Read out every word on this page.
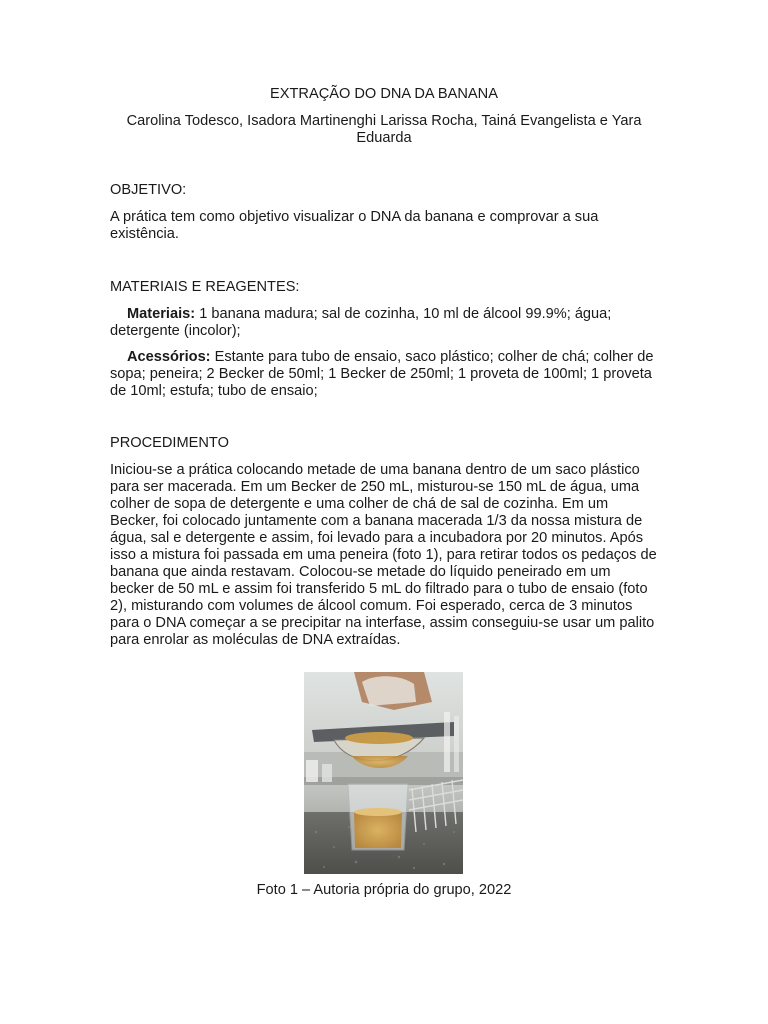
EXTRAÇÃO DO DNA DA BANANA
Carolina Todesco, Isadora Martinenghi Larissa Rocha, Tainá Evangelista e Yara Eduarda
OBJETIVO:
A prática tem como objetivo visualizar o DNA da banana e comprovar a sua existência.
MATERIAIS E REAGENTES:
Materiais: 1 banana madura; sal de cozinha, 10 ml de álcool 99.9%; água; detergente (incolor);
Acessórios: Estante para tubo de ensaio, saco plástico; colher de chá; colher de sopa; peneira; 2 Becker de 50ml; 1 Becker de 250ml; 1 proveta de 100ml; 1 proveta de 10ml; estufa; tubo de ensaio;
PROCEDIMENTO
Iniciou-se a prática colocando metade de uma banana dentro de um saco plástico para ser macerada. Em um Becker de 250 mL, misturou-se 150 mL de água, uma colher de sopa de detergente e uma colher de chá de sal de cozinha. Em um Becker, foi colocado juntamente com a banana macerada 1/3 da nossa mistura de água, sal e detergente e assim, foi levado para a incubadora por 20 minutos. Após isso a mistura foi passada em uma peneira (foto 1), para retirar todos os pedaços de banana que ainda restavam. Colocou-se metade do líquido peneirado em um becker de 50 mL e assim foi transferido 5 mL do filtrado para o tubo de ensaio (foto 2), misturando com volumes de álcool comum. Foi esperado, cerca de 3 minutos para o DNA começar a se precipitar na interfase, assim conseguiu-se usar um palito para enrolar as moléculas de DNA extraídas.
Foto 1 – Autoria própria do grupo, 2022
